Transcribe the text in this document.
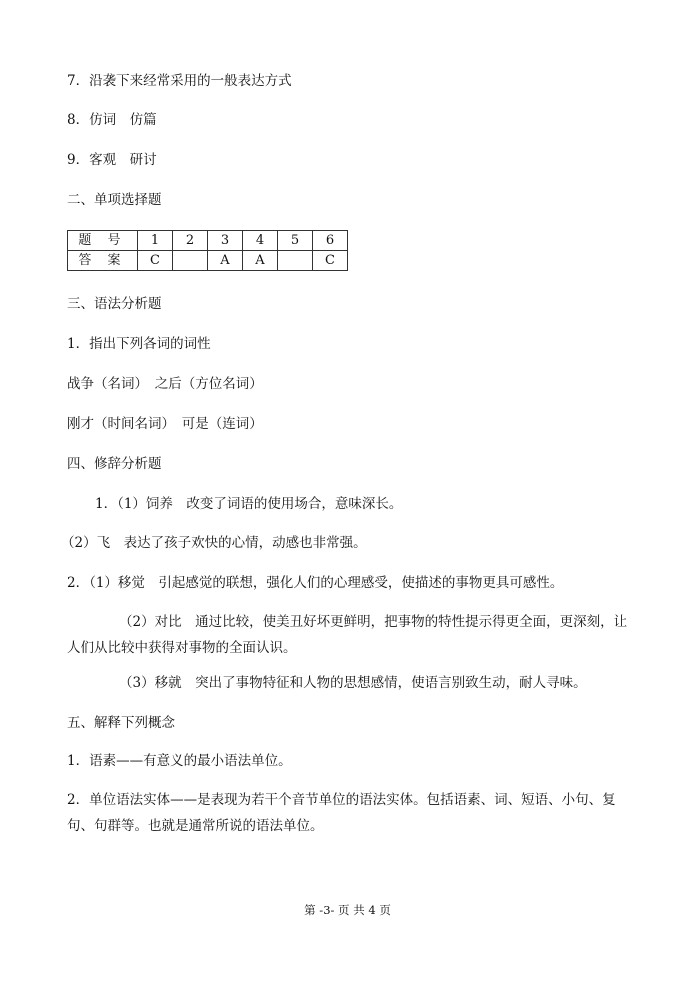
7．沿袭下来经常采用的一般表达方式
8．仿词　仿篇
9．客观　研讨
二、单项选择题
题 号	1	2	3	4	5	6
答 案	C		A	A		C
三、语法分析题
1．指出下列各词的词性
战争（名词）　之后（方位名词）
刚才（时间名词）　可是（连词）
四、修辞分析题
1．（1）饲养　改变了词语的使用场合，意味深长。
（2）飞　表达了孩子欢快的心情，动感也非常强。
2．（1）移觉　引起感觉的联想，强化人们的心理感受，使描述的事物更具可感性。
（2）对比　通过比较，使美丑好坏更鲜明，把事物的特性提示得更全面，更深刻，让人们从比较中获得对事物的全面认识。
（3）移就　突出了事物特征和人物的思想感情，使语言别致生动，耐人寻味。
五、解释下列概念
1．语素——有意义的最小语法单位。
2．单位语法实体——是表现为若干个音节单位的语法实体。包括语素、词、短语、小句、复句、句群等。也就是通常所说的语法单位。
第 -3- 页 共 4 页
